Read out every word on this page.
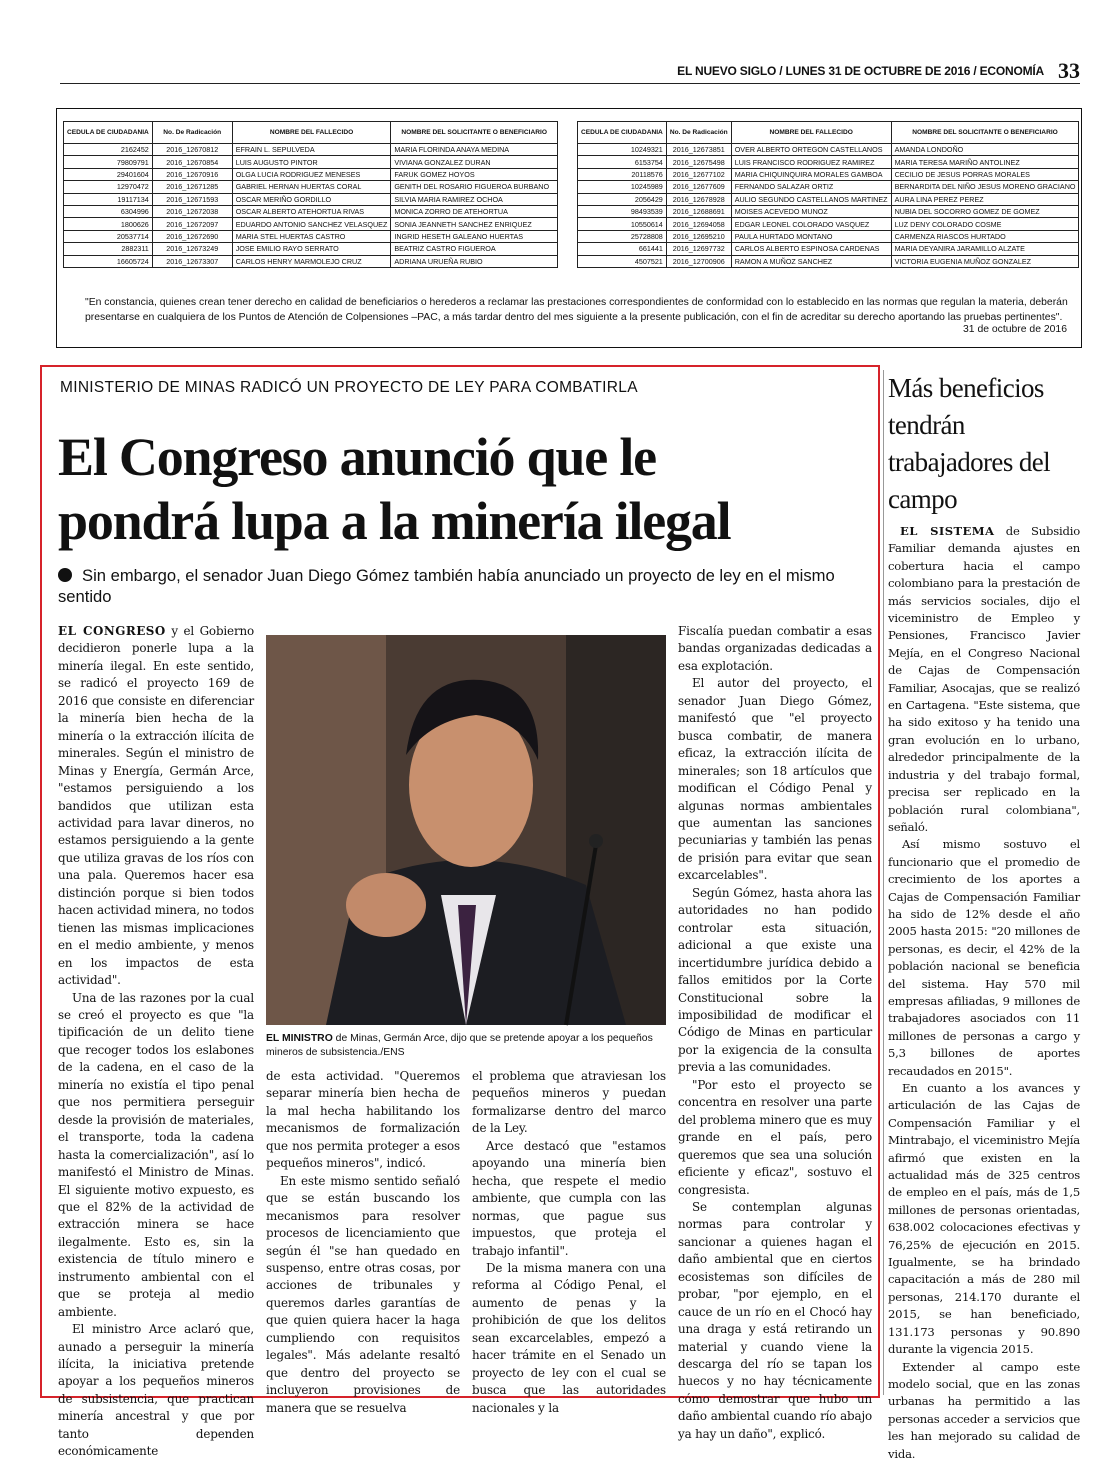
EL NUEVO SIGLO / LUNES 31 DE OCTUBRE DE 2016 / ECONOMÍA 33
CEDULA DE CIUDADANIA	No. De Radicación	NOMBRE DEL FALLECIDO	NOMBRE DEL SOLICITANTE O BENEFICIARIO
2162452	2016_12670812	EFRAIN L. SEPULVEDA	MARIA FLORINDA ANAYA MEDINA
79809791	2016_12670854	LUIS AUGUSTO PINTOR	VIVIANA GONZALEZ DURAN
29401604	2016_12670916	OLGA LUCIA RODRIGUEZ MENESES	FARUK GOMEZ HOYOS
12970472	2016_12671285	GABRIEL HERNAN HUERTAS CORAL	GENITH DEL ROSARIO FIGUEROA BURBANO
19117134	2016_12671593	OSCAR MERIÑO GORDILLO	SILVIA MARIA RAMIREZ OCHOA
6304996	2016_12672038	OSCAR ALBERTO ATEHORTUA RIVAS	MONICA ZORRO DE ATEHORTUA
1800626	2016_12672097	EDUARDO ANTONIO SANCHEZ VELASQUEZ	SONIA JEANNETH SANCHEZ ENRIQUEZ
20537714	2016_12672690	MARIA STEL HUERTAS CASTRO	INGRID HESETH GALEANO HUERTAS
2882311	2016_12673249	JOSE EMILIO RAYO SERRATO	BEATRIZ CASTRO FIGUEROA
16605724	2016_12673307	CARLOS HENRY MARMOLEJO CRUZ	ADRIANA URUEÑA RUBIO
CEDULA DE CIUDADANIA	No. De Radicación	NOMBRE DEL FALLECIDO	NOMBRE DEL SOLICITANTE O BENEFICIARIO
10249321	2016_12673851	OVER ALBERTO ORTEGON CASTELLANOS	AMANDA LONDOÑO
6153754	2016_12675498	LUIS FRANCISCO RODRIGUEZ RAMIREZ	MARIA TERESA MARIÑO ANTOLINEZ
20118576	2016_12677102	MARIA CHIQUINQUIRA MORALES GAMBOA	CECILIO DE JESUS PORRAS MORALES
10245989	2016_12677609	FERNANDO SALAZAR ORTIZ	BERNARDITA DEL NIÑO JESUS MORENO GRACIANO
2056429	2016_12678928	AULIO SEGUNDO CASTELLANOS MARTINEZ	AURA LINA PEREZ PEREZ
98493539	2016_12688691	MOISES ACEVEDO MUNOZ	NUBIA DEL SOCORRO GOMEZ DE GOMEZ
10550614	2016_12694058	EDGAR LEONEL COLORADO VASQUEZ	LUZ DENY COLORADO COSME
25728808	2016_12695210	PAULA HURTADO MONTANO	CARMENZA RIASCOS HURTADO
661441	2016_12697732	CARLOS ALBERTO ESPINOSA CARDENAS	MARIA DEYANIRA JARAMILLO ALZATE
4507521	2016_12700906	RAMON A MUÑOZ SANCHEZ	VICTORIA EUGENIA MUÑOZ GONZALEZ
"En constancia, quienes crean tener derecho en calidad de beneficiarios o herederos a reclamar las prestaciones correspondientes de conformidad con lo establecido en las normas que regulan la materia, deberán presentarse en cualquiera de los Puntos de Atención de Colpensiones –PAC, a más tardar dentro del mes siguiente a la presente publicación, con el fin de acreditar su derecho aportando las pruebas pertinentes".
31 de octubre de 2016
MINISTERIO DE MINAS RADICÓ UN PROYECTO DE LEY PARA COMBATIRLA
El Congreso anunció que le
pondrá lupa a la minería ilegal
Sin embargo, el senador Juan Diego Gómez también había anunciado un proyecto de ley en el mismo sentido

EL CONGRESO y el Gobierno decidieron ponerle lupa a la minería ilegal. En este sentido, se radicó el proyecto 169 de 2016 que consiste en diferenciar la minería bien hecha de la minería o la extracción ilícita de minerales. Según el ministro de Minas y Energía, Germán Arce, "estamos persiguiendo a los bandidos que utilizan esta actividad para lavar dineros, no estamos persiguiendo a la gente que utiliza gravas de los ríos con una pala. Queremos hacer esa distinción porque si bien todos hacen actividad minera, no todos tienen las mismas implicaciones en el medio ambiente, y menos en los impactos de esta actividad".

Una de las razones por la cual se creó el proyecto es que "la tipificación de un delito tiene que recoger todos los eslabones de la cadena, en el caso de la minería no existía el tipo penal que nos permitiera perseguir desde la provisión de materiales, el transporte, toda la cadena hasta la comercialización", así lo manifestó el Ministro de Minas. El siguiente motivo expuesto, es que el 82% de la actividad de extracción minera se hace ilegalmente. Esto es, sin la existencia de título minero e instrumento ambiental con el que se proteja al medio ambiente.

El ministro Arce aclaró que, aunado a perseguir la minería ilícita, la iniciativa pretende apoyar a los pequeños mineros de subsistencia, que practican minería ancestral y que por tanto dependen económicamente

EL MINISTRO de Minas, Germán Arce, dijo que se pretende apoyar a los pequeños mineros de subsistencia./ENS

de esta actividad. "Queremos separar minería bien hecha de la mal hecha habilitando los mecanismos de formalización que nos permita proteger a esos pequeños mineros", indicó.

En este mismo sentido señaló que se están buscando los mecanismos para resolver procesos de licenciamiento que según él "se han quedado en suspenso, entre otras cosas, por acciones de tribunales y queremos darles garantías de que quien quiera hacer la haga cumpliendo con requisitos legales". Más adelante resaltó que dentro del proyecto se incluyeron provisiones de manera que se resuelva

el problema que atraviesan los pequeños mineros y puedan formalizarse dentro del marco de la Ley.

Arce destacó que "estamos apoyando una minería bien hecha, que respete el medio ambiente, que cumpla con las normas, que pague sus impuestos, que proteja el trabajo infantil".

De la misma manera con una reforma al Código Penal, el aumento de penas y la prohibición de que los delitos sean excarcelables, empezó a hacer trámite en el Senado un proyecto de ley con el cual se busca que las autoridades nacionales y la

Fiscalía puedan combatir a esas bandas organizadas dedicadas a esa explotación.

El autor del proyecto, el senador Juan Diego Gómez, manifestó que "el proyecto busca combatir, de manera eficaz, la extracción ilícita de minerales; son 18 artículos que modifican el Código Penal y algunas normas ambientales que aumentan las sanciones pecuniarias y también las penas de prisión para evitar que sean excarcelables".

Según Gómez, hasta ahora las autoridades no han podido controlar esta situación, adicional a que existe una incertidumbre jurídica debido a fallos emitidos por la Corte Constitucional sobre la imposibilidad de modificar el Código de Minas en particular por la exigencia de la consulta previa a las comunidades.

"Por esto el proyecto se concentra en resolver una parte del problema minero que es muy grande en el país, pero queremos que sea una solución eficiente y eficaz", sostuvo el congresista.

Se contemplan algunas normas para controlar y sancionar a quienes hagan el daño ambiental que en ciertos ecosistemas son difíciles de probar, "por ejemplo, en el cauce de un río en el Chocó hay una draga y está retirando un material y cuando viene la descarga del río se tapan los huecos y no hay técnicamente cómo demostrar que hubo un daño ambiental cuando río abajo ya hay un daño", explicó.

Más beneficios tendrán trabajadores del campo

EL SISTEMA de Subsidio Familiar demanda ajustes en cobertura hacia el campo colombiano para la prestación de más servicios sociales, dijo el viceministro de Empleo y Pensiones, Francisco Javier Mejía, en el Congreso Nacional de Cajas de Compensación Familiar, Asocajas, que se realizó en Cartagena. "Este sistema, que ha sido exitoso y ha tenido una gran evolución en lo urbano, alrededor principalmente de la industria y del trabajo formal, precisa ser replicado en la población rural colombiana", señaló.

Así mismo sostuvo el funcionario que el promedio de crecimiento de los aportes a Cajas de Compensación Familiar ha sido de 12% desde el año 2005 hasta 2015: "20 millones de personas, es decir, el 42% de la población nacional se beneficia del sistema. Hay 570 mil empresas afiliadas, 9 millones de trabajadores asociados con 11 millones de personas a cargo y 5,3 billones de aportes recaudados en 2015".

En cuanto a los avances y articulación de las Cajas de Compensación Familiar y el Mintrabajo, el viceministro Mejía afirmó que existen en la actualidad más de 325 centros de empleo en el país, más de 1,5 millones de personas orientadas, 638.002 colocaciones efectivas y 76,25% de ejecución en 2015. Igualmente, se ha brindado capacitación a más de 280 mil personas, 214.170 durante el 2015, se han beneficiado, 131.173 personas y 90.890 durante la vigencia 2015.

Extender al campo este modelo social, que en las zonas urbanas ha permitido a las personas acceder a servicios que les han mejorado su calidad de vida.
